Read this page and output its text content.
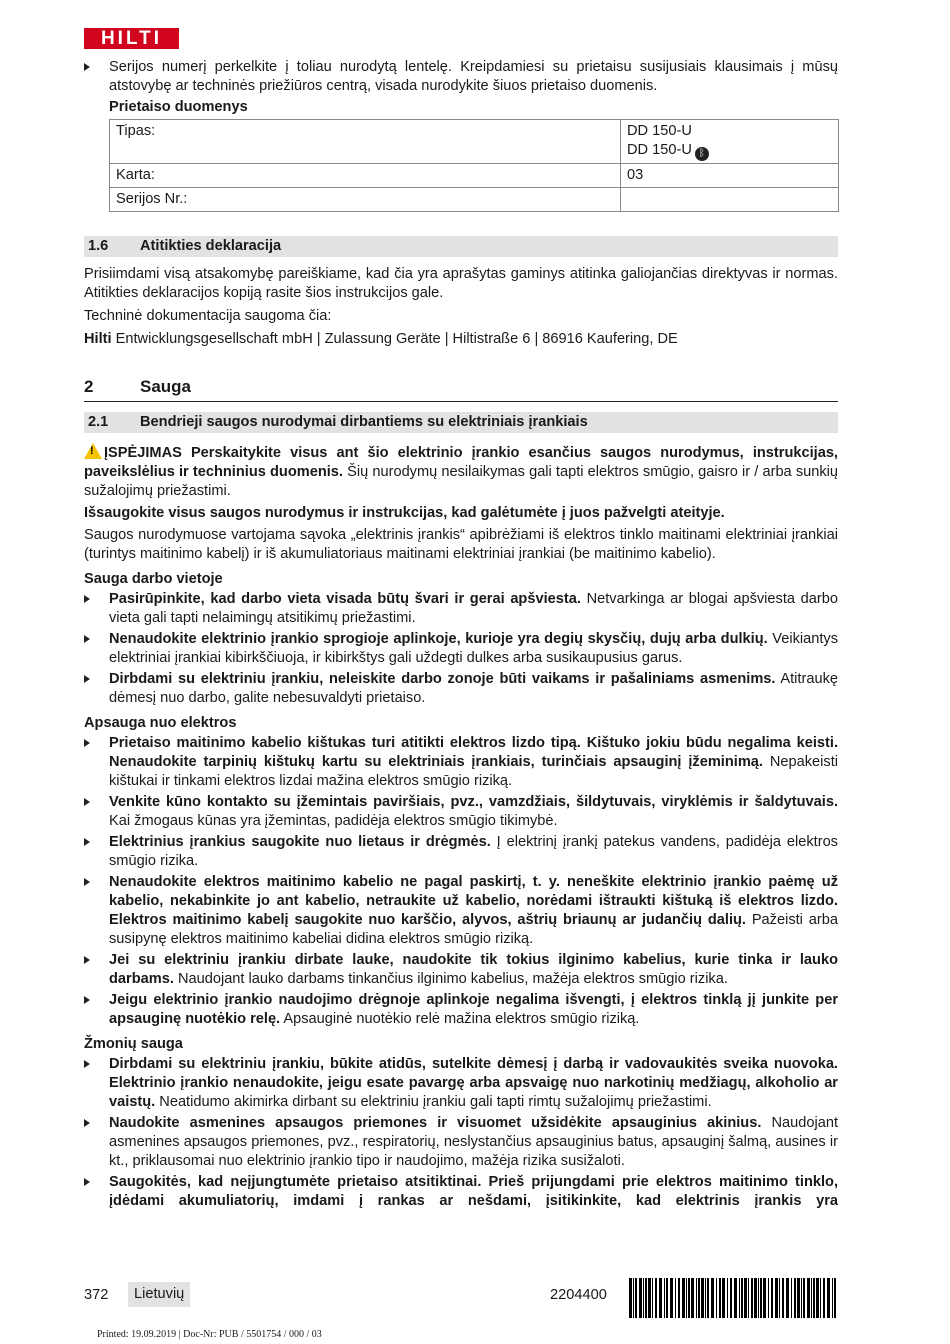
HILTI
Serijos numerį perkelkite į toliau nurodytą lentelę. Kreipdamiesi su prietaisu susijusiais klausimais į mūsų atstovybę ar techninės priežiūros centrą, visada nurodykite šiuos prietaiso duomenis.

Prietaiso duomenys

Tipas:	DD 150-U
DD 150-U ᛒ

Karta:	03
Serijos Nr.:	
1.6 Atitikties deklaracija

Prisiimdami visą atsakomybę pareiškiame, kad čia yra aprašytas gaminys atitinka galiojančias direktyvas ir normas. Atitikties deklaracijos kopiją rasite šios instrukcijos gale.

Techninė dokumentacija saugoma čia:

Hilti Entwicklungsgesellschaft mbH | Zulassung Geräte | Hiltistraße 6 | 86916 Kaufering, DE

2	Sauga
2.1 Bendrieji saugos nurodymai dirbantiems su elektriniais įrankiais

! ĮSPĖJIMAS Perskaitykite visus ant šio elektrinio įrankio esančius saugos nurodymus, instrukcijas, paveikslėlius ir techninius duomenis. Šių nurodymų nesilaikymas gali tapti elektros smūgio, gaisro ir / arba sunkių sužalojimų priežastimi.

Išsaugokite visus saugos nurodymus ir instrukcijas, kad galėtumėte į juos pažvelgti ateityje.

Saugos nurodymuose vartojama sąvoka „elektrinis įrankis“ apibrėžiami iš elektros tinklo maitinami elektriniai įrankiai (turintys maitinimo kabelį) ir iš akumuliatoriaus maitinami elektriniai įrankiai (be maitinimo kabelio).

Sauga darbo vietoje

Pasirūpinkite, kad darbo vieta visada būtų švari ir gerai apšviesta. Netvarkinga ar blogai apšviesta darbo vieta gali tapti nelaimingų atsitikimų priežastimi.
Nenaudokite elektrinio įrankio sprogioje aplinkoje, kurioje yra degių skysčių, dujų arba dulkių. Veikiantys elektriniai įrankiai kibirkščiuoja, ir kibirkštys gali uždegti dulkes arba susikaupusius garus.
Dirbdami su elektriniu įrankiu, neleiskite darbo zonoje būti vaikams ir pašaliniams asmenims. Atitraukę dėmesį nuo darbo, galite nebesuvaldyti prietaiso.

Apsauga nuo elektros

Prietaiso maitinimo kabelio kištukas turi atitikti elektros lizdo tipą. Kištuko jokiu būdu negalima keisti. Nenaudokite tarpinių kištukų kartu su elektriniais įrankiais, turinčiais apsauginį įžeminimą. Nepakeisti kištukai ir tinkami elektros lizdai mažina elektros smūgio riziką.
Venkite kūno kontakto su įžemintais paviršiais, pvz., vamzdžiais, šildytuvais, viryklėmis ir šaldytuvais. Kai žmogaus kūnas yra įžemintas, padidėja elektros smūgio tikimybė.
Elektrinius įrankius saugokite nuo lietaus ir drėgmės. Į elektrinį įrankį patekus vandens, padidėja elektros smūgio rizika.
Nenaudokite elektros maitinimo kabelio ne pagal paskirtį, t. y. neneškite elektrinio įrankio paėmę už kabelio, nekabinkite jo ant kabelio, netraukite už kabelio, norėdami ištraukti kištuką iš elektros lizdo. Elektros maitinimo kabelį saugokite nuo karščio, alyvos, aštrių briaunų ar judančių dalių. Pažeisti arba susipynę elektros maitinimo kabeliai didina elektros smūgio riziką.
Jei su elektriniu įrankiu dirbate lauke, naudokite tik tokius ilginimo kabelius, kurie tinka ir lauko darbams. Naudojant lauko darbams tinkančius ilginimo kabelius, mažėja elektros smūgio rizika.
Jeigu elektrinio įrankio naudojimo drėgnoje aplinkoje negalima išvengti, į elektros tinklą jį junkite per apsauginę nuotėkio relę. Apsauginė nuotėkio relė mažina elektros smūgio riziką.

Žmonių sauga

Dirbdami su elektriniu įrankiu, būkite atidūs, sutelkite dėmesį į darbą ir vadovaukitės sveika nuovoka. Elektrinio įrankio nenaudokite, jeigu esate pavargę arba apsvaigę nuo narkotinių medžiagų, alkoholio ar vaistų. Neatidumo akimirka dirbant su elektriniu įrankiu gali tapti rimtų sužalojimų priežastimi.
Naudokite asmenines apsaugos priemones ir visuomet užsidėkite apsauginius akinius. Naudojant asmenines apsaugos priemones, pvz., respiratorių, neslystančius apsauginius batus, apsauginį šalmą, ausines ir kt., priklausomai nuo elektrinio įrankio tipo ir naudojimo, mažėja rizika susižaloti.
Saugokitės, kad neįjungtumėte prietaiso atsitiktinai. Prieš prijungdami prie elektros maitinimo tinklo, įdėdami akumuliatorių, imdami į rankas ar nešdami, įsitikinkite, kad elektrinis įrankis yra
372	Lietuvių	2204400
Printed: 19.09.2019 | Doc-Nr: PUB / 5501754 / 000 / 03
